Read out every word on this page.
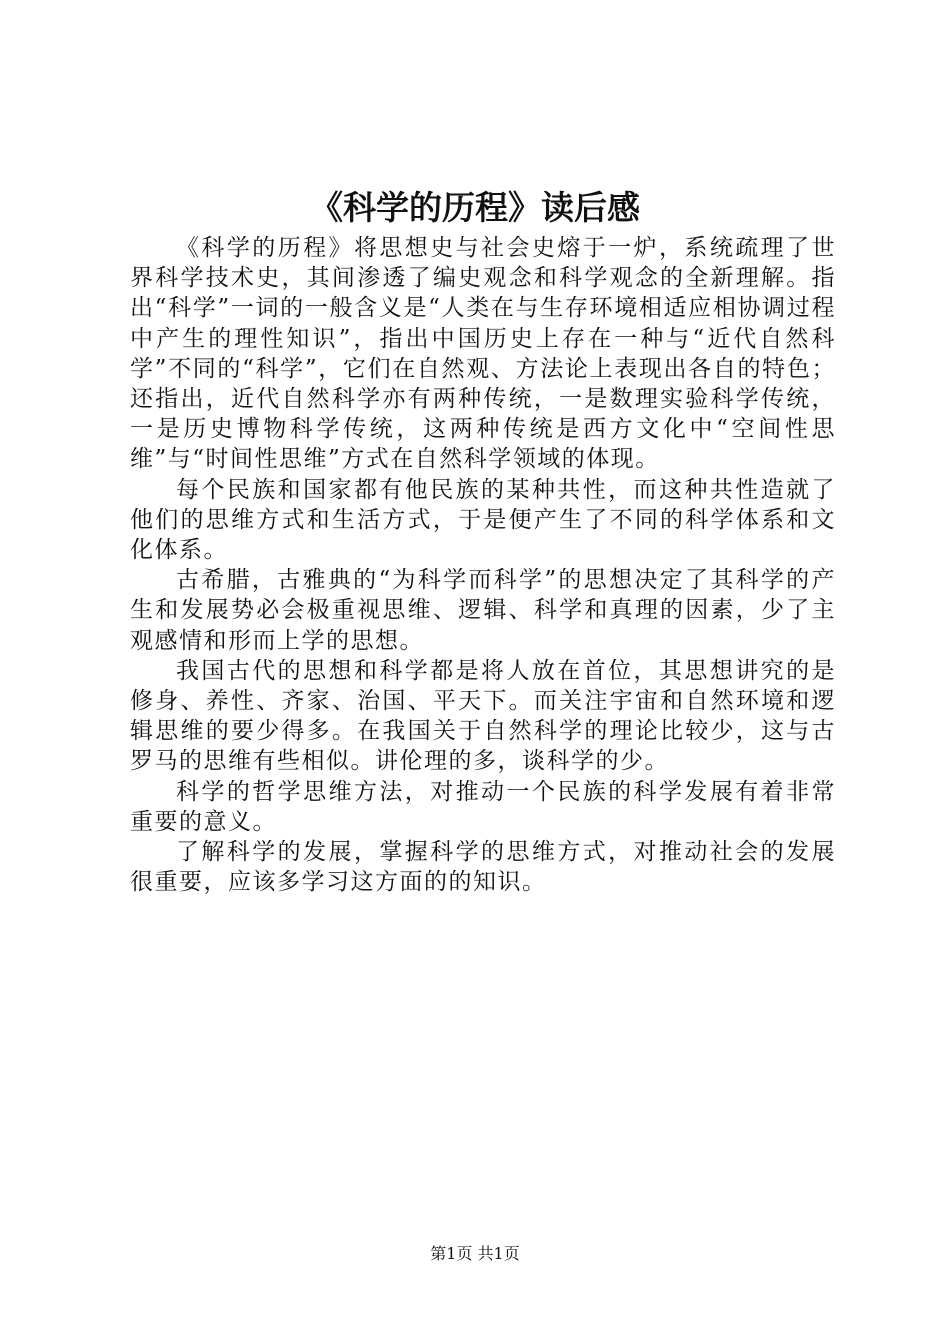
《科学的历程》读后感

《科学的历程》将思想史与社会史熔于一炉，系统疏理了世界科学技术史，其间渗透了编史观念和科学观念的全新理解。指出“科学”一词的一般含义是“人类在与生存环境相适应相协调过程中产生的理性知识”，指出中国历史上存在一种与“近代自然科学”不同的“科学”，它们在自然观、方法论上表现出各自的特色；还指出，近代自然科学亦有两种传统，一是数理实验科学传统，一是历史博物科学传统，这两种传统是西方文化中“空间性思维”与“时间性思维”方式在自然科学领域的体现。

每个民族和国家都有他民族的某种共性，而这种共性造就了他们的思维方式和生活方式，于是便产生了不同的科学体系和文化体系。

古希腊，古雅典的“为科学而科学”的思想决定了其科学的产生和发展势必会极重视思维、逻辑、科学和真理的因素，少了主观感情和形而上学的思想。

我国古代的思想和科学都是将人放在首位，其思想讲究的是修身、养性、齐家、治国、平天下。而关注宇宙和自然环境和逻辑思维的要少得多。在我国关于自然科学的理论比较少，这与古罗马的思维有些相似。讲伦理的多，谈科学的少。

科学的哲学思维方法，对推动一个民族的科学发展有着非常重要的意义。

了解科学的发展，掌握科学的思维方式，对推动社会的发展很重要，应该多学习这方面的的知识。

第1页 共1页
